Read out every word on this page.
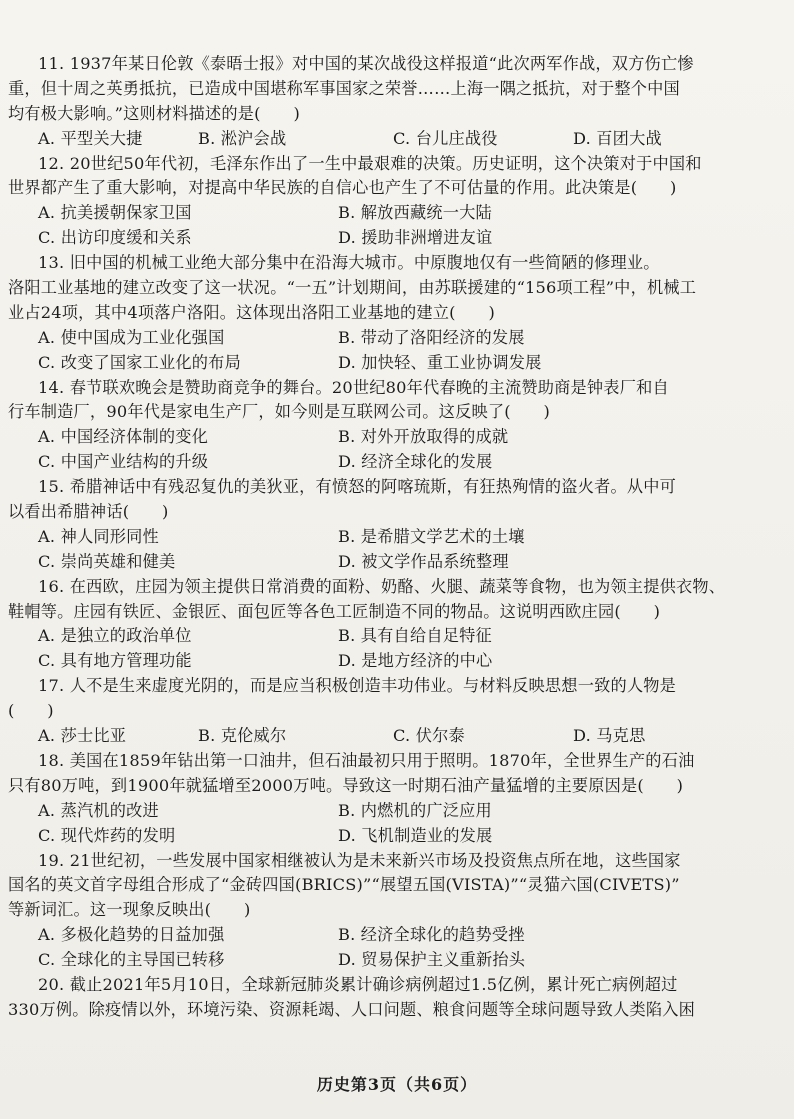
11. 1937年某日伦敦《泰晤士报》对中国的某次战役这样报道“此次两军作战，双方伤亡惨
重，但十周之英勇抵抗，已造成中国堪称军事国家之荣誉……上海一隅之抵抗，对于整个中国
均有极大影响。”这则材料描述的是(　　)
A. 平型关大捷	B. 淞沪会战	C. 台儿庄战役	D. 百团大战
12. 20世纪50年代初，毛泽东作出了一生中最艰难的决策。历史证明，这个决策对于中国和
世界都产生了重大影响，对提高中华民族的自信心也产生了不可估量的作用。此决策是(　　)
A. 抗美援朝保家卫国	B. 解放西藏统一大陆
C. 出访印度缓和关系	D. 援助非洲增进友谊
13. 旧中国的机械工业绝大部分集中在沿海大城市。中原腹地仅有一些简陋的修理业。
洛阳工业基地的建立改变了这一状况。“一五”计划期间，由苏联援建的“156项工程”中，机械工
业占24项，其中4项落户洛阳。这体现出洛阳工业基地的建立(　　)
A. 使中国成为工业化强国	B. 带动了洛阳经济的发展
C. 改变了国家工业化的布局	D. 加快轻、重工业协调发展
14. 春节联欢晚会是赞助商竞争的舞台。20世纪80年代春晚的主流赞助商是钟表厂和自
行车制造厂，90年代是家电生产厂，如今则是互联网公司。这反映了(　　)
A. 中国经济体制的变化	B. 对外开放取得的成就
C. 中国产业结构的升级	D. 经济全球化的发展
15. 希腊神话中有残忍复仇的美狄亚，有愤怒的阿喀琉斯，有狂热殉情的盗火者。从中可
以看出希腊神话(　　)
A. 神人同形同性	B. 是希腊文学艺术的土壤
C. 崇尚英雄和健美	D. 被文学作品系统整理
16. 在西欧，庄园为领主提供日常消费的面粉、奶酪、火腿、蔬菜等食物，也为领主提供衣物、
鞋帽等。庄园有铁匠、金银匠、面包匠等各色工匠制造不同的物品。这说明西欧庄园(　　)
A. 是独立的政治单位	B. 具有自给自足特征
C. 具有地方管理功能	D. 是地方经济的中心
17. 人不是生来虚度光阴的，而是应当积极创造丰功伟业。与材料反映思想一致的人物是
(　　)
A. 莎士比亚	B. 克伦威尔	C. 伏尔泰	D. 马克思
18. 美国在1859年钻出第一口油井，但石油最初只用于照明。1870年，全世界生产的石油
只有80万吨，到1900年就猛增至2000万吨。导致这一时期石油产量猛增的主要原因是(　　)
A. 蒸汽机的改进	B. 内燃机的广泛应用
C. 现代炸药的发明	D. 飞机制造业的发展
19. 21世纪初，一些发展中国家相继被认为是未来新兴市场及投资焦点所在地，这些国家
国名的英文首字母组合形成了“金砖四国(BRICS)”“展望五国(VISTA)”“灵猫六国(CIVETS)”
等新词汇。这一现象反映出(　　)
A. 多极化趋势的日益加强	B. 经济全球化的趋势受挫
C. 全球化的主导国已转移	D. 贸易保护主义重新抬头
20. 截止2021年5月10日，全球新冠肺炎累计确诊病例超过1.5亿例，累计死亡病例超过
330万例。除疫情以外，环境污染、资源耗竭、人口问题、粮食问题等全球问题导致人类陷入困
历史第3页（共6页）
